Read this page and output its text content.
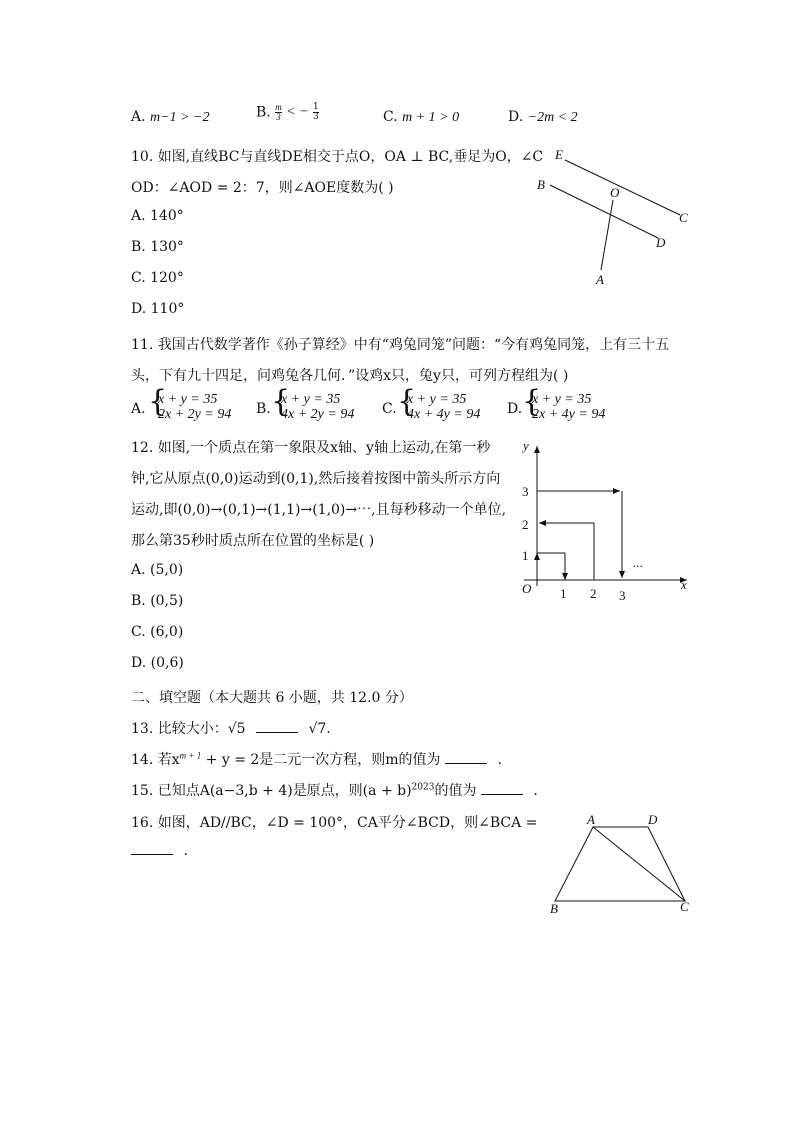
A. m−1 > −2	B. $\frac{m}{3}$ < − $\frac{1}{3}$	C. m + 1 > 0	D. −2m < 2
10. 如图,直线BC与直线DE相交于点O，OA ⊥ BC,垂足为O，∠C
OD：∠AOD = 2：7，则∠AOE度数为( )
A. 140°
B. 130°
C. 120°
D. 110°
E
B
O
C
D
A
11. 我国古代数学著作《孙子算经》中有“鸡兔同笼”问题：“今有鸡兔同笼，上有三十五
头，下有九十四足，问鸡兔各几何．”设鸡x只，兔y只，可列方程组为( )
A. {
x + y = 35
2x + 2y = 94 B. {
x + y = 35
4x + 2y = 94 C. {
x + y = 35
4x + 4y = 94 D. {
x + y = 35
2x + 4y = 94
12. 如图,一个质点在第一象限及x轴、y轴上运动,在第一秒
钟,它从原点(0,0)运动到(0,1),然后接着按图中箭头所示方向
运动,即(0,0)→(0,1)→(1,1)→(1,0)→⋯,且每秒移动一个单位,
那么第35秒时质点所在位置的坐标是( )
A. (5,0)
B. (0,5)
C. (6,0)
D. (0,6)
y
x
O
1
2
3
1 2 3
...
二、填空题（本大题共 6 小题，共 12.0 分）
13. 比较大小：√5	√7.
14. 若$x^{m + 1} + y = 2$是二元一次方程，则m的值为	.
15. 已知点A(a−3,b + 4)是原点，则$(a + b)^{2023}$的值为	.
16. 如图，AD//BC，∠D = 100°，CA平分∠BCD，则∠BCA =
.
A	D
B	C
